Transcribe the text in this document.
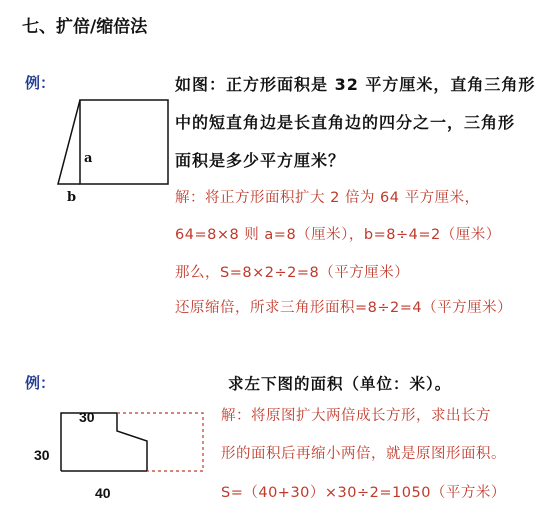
七、扩倍/缩倍法
例：
a
b
如图：正方形面积是 32 平方厘米，直角三角形
中的短直角边是长直角边的四分之一，三角形
面积是多少平方厘米？
解：将正方形面积扩大 2 倍为 64 平方厘米，
64=8×8 则 a=8（厘米），b=8÷4=2（厘米）
那么，S=8×2÷2=8（平方厘米）
还原缩倍，所求三角形面积=8÷2=4（平方厘米）
例：	求左下图的面积（单位：米）。
30
30
40
解：将原图扩大两倍成长方形，求出长方
形的面积后再缩小两倍，就是原图形面积。
S=（40+30）×30÷2=1050（平方米）
